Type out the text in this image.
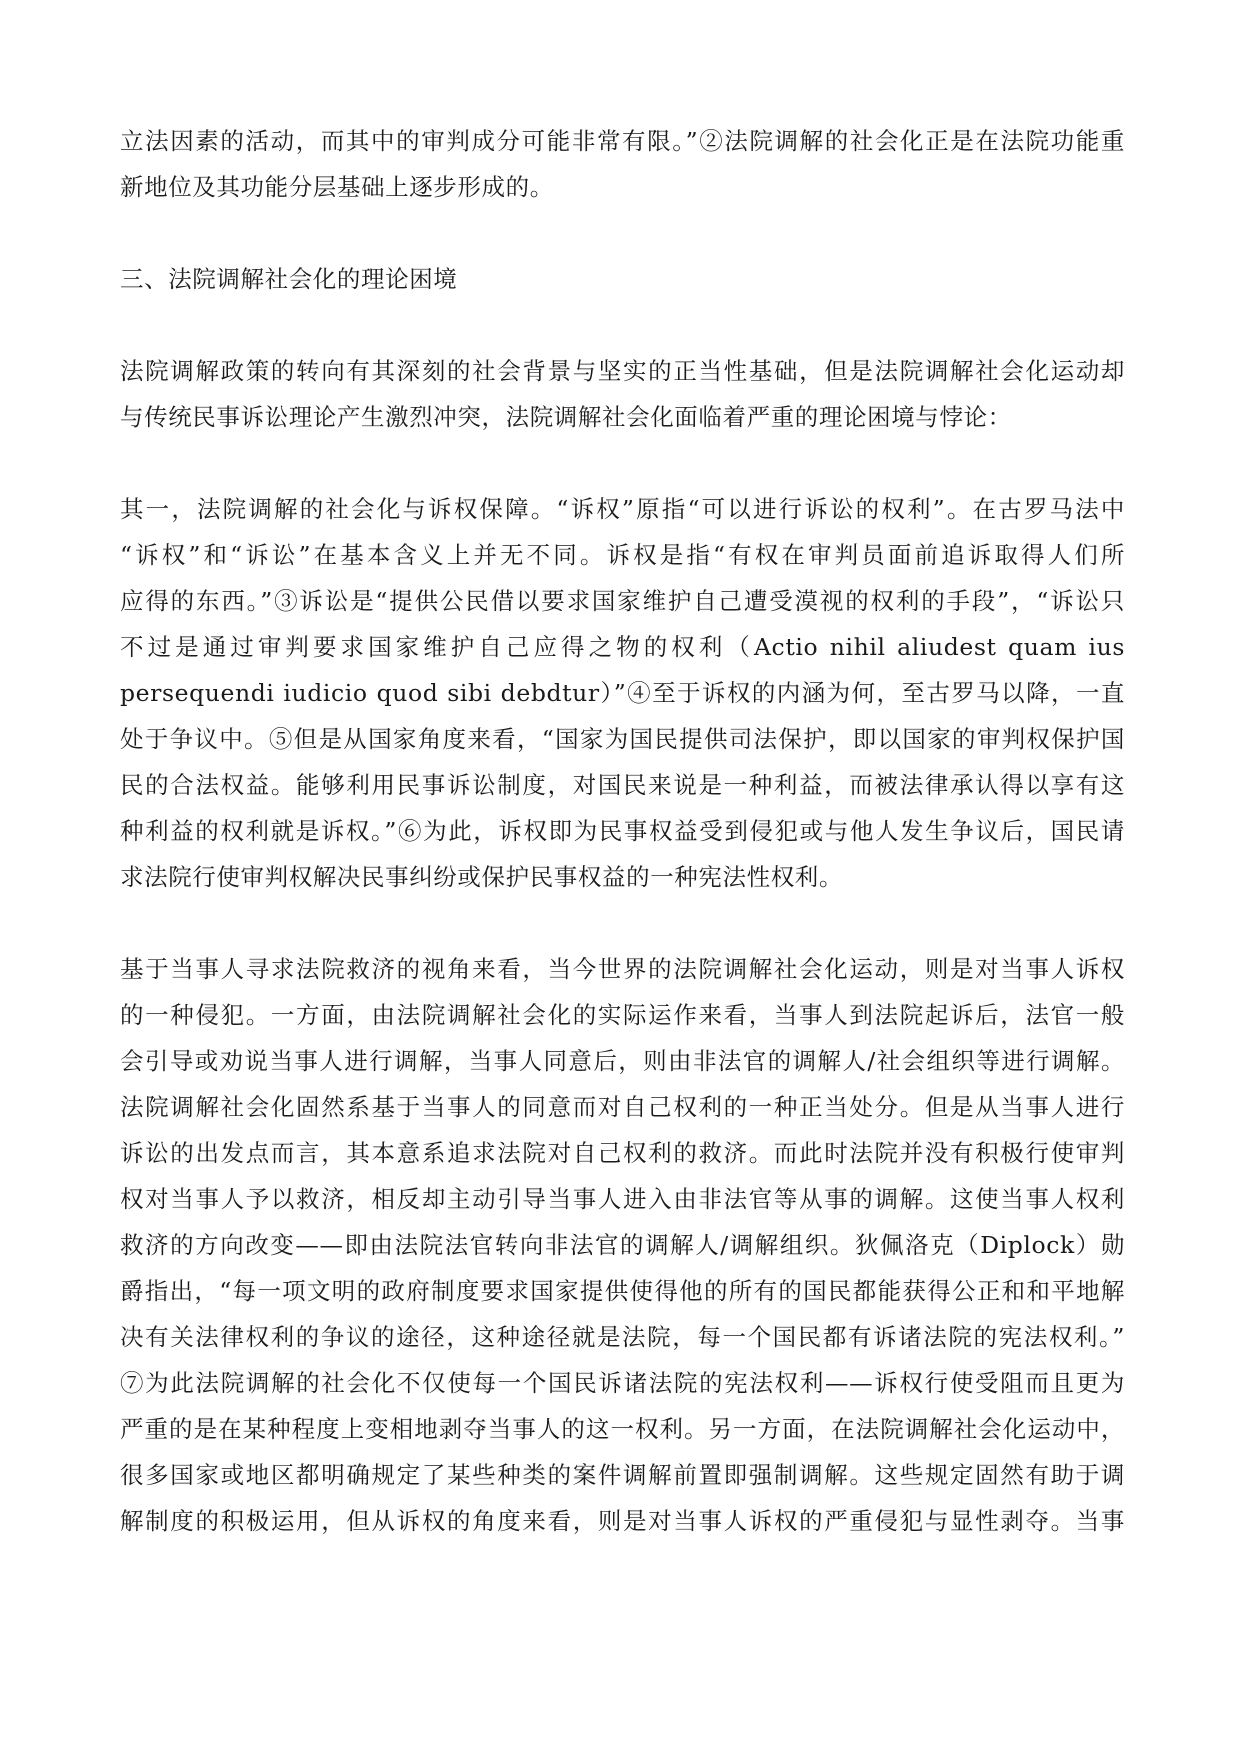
立法因素的活动，而其中的审判成分可能非常有限。”②法院调解的社会化正是在法院功能重
新地位及其功能分层基础上逐步形成的。
三、法院调解社会化的理论困境
法院调解政策的转向有其深刻的社会背景与坚实的正当性基础，但是法院调解社会化运动却
与传统民事诉讼理论产生激烈冲突，法院调解社会化面临着严重的理论困境与悖论：
其一，法院调解的社会化与诉权保障。“诉权”原指“可以进行诉讼的权利”。在古罗马法中
“诉权”和“诉讼”在基本含义上并无不同。诉权是指“有权在审判员面前追诉取得人们所
应得的东西。”③诉讼是“提供公民借以要求国家维护自己遭受漠视的权利的手段”，“诉讼只
不过是通过审判要求国家维护自己应得之物的权利（Actio nihil aliudest quam ius
persequendi iudicio quod sibi debdtur）”④至于诉权的内涵为何，至古罗马以降，一直
处于争议中。⑤但是从国家角度来看，“国家为国民提供司法保护，即以国家的审判权保护国
民的合法权益。能够利用民事诉讼制度，对国民来说是一种利益，而被法律承认得以享有这
种利益的权利就是诉权。”⑥为此，诉权即为民事权益受到侵犯或与他人发生争议后，国民请
求法院行使审判权解决民事纠纷或保护民事权益的一种宪法性权利。
基于当事人寻求法院救济的视角来看，当今世界的法院调解社会化运动，则是对当事人诉权
的一种侵犯。一方面，由法院调解社会化的实际运作来看，当事人到法院起诉后，法官一般
会引导或劝说当事人进行调解，当事人同意后，则由非法官的调解人/社会组织等进行调解。
法院调解社会化固然系基于当事人的同意而对自己权利的一种正当处分。但是从当事人进行
诉讼的出发点而言，其本意系追求法院对自己权利的救济。而此时法院并没有积极行使审判
权对当事人予以救济，相反却主动引导当事人进入由非法官等从事的调解。这使当事人权利
救济的方向改变——即由法院法官转向非法官的调解人/调解组织。狄佩洛克（Diplock）勋
爵指出，“每一项文明的政府制度要求国家提供使得他的所有的国民都能获得公正和和平地解
决有关法律权利的争议的途径，这种途径就是法院，每一个国民都有诉诸法院的宪法权利。”
⑦为此法院调解的社会化不仅使每一个国民诉诸法院的宪法权利——诉权行使受阻而且更为
严重的是在某种程度上变相地剥夺当事人的这一权利。另一方面，在法院调解社会化运动中，
很多国家或地区都明确规定了某些种类的案件调解前置即强制调解。这些规定固然有助于调
解制度的积极运用，但从诉权的角度来看，则是对当事人诉权的严重侵犯与显性剥夺。当事
